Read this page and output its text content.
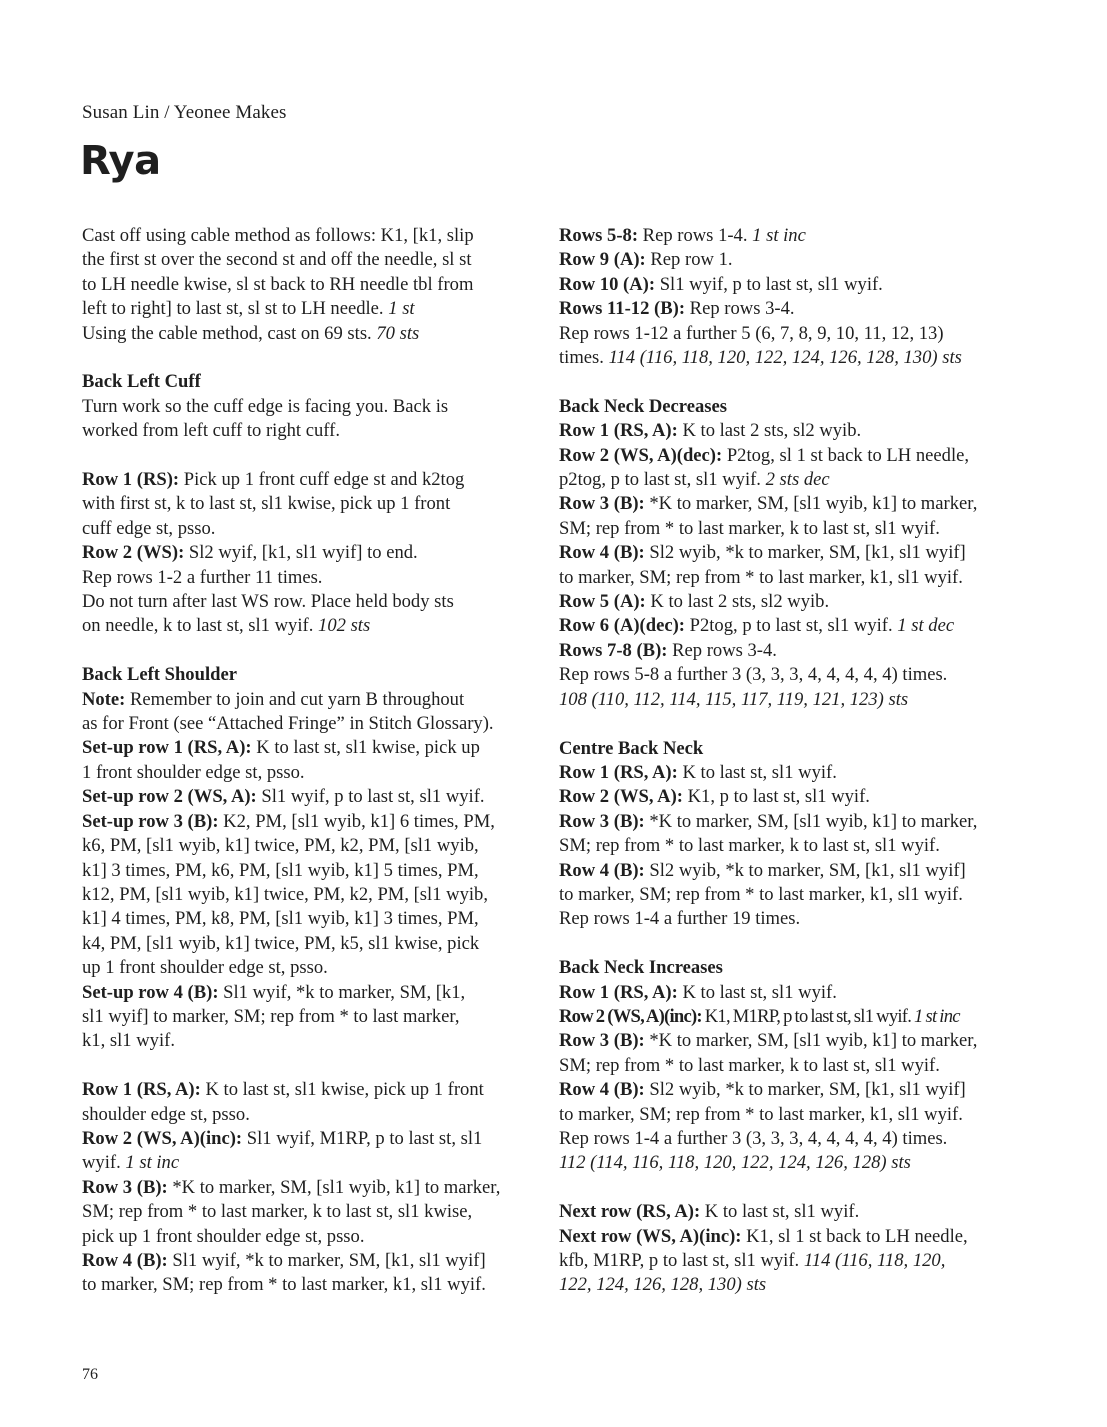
Susan Lin / Yeonee Makes
Rya
Cast off using cable method as follows: K1, [k1, slip
the first st over the second st and off the needle, sl st
to LH needle kwise, sl st back to RH needle tbl from
left to right] to last st, sl st to LH needle. 1 st
Using the cable method, cast on 69 sts. 70 sts
Back Left Cuff
Turn work so the cuff edge is facing you. Back is
worked from left cuff to right cuff.
Row 1 (RS): Pick up 1 front cuff edge st and k2tog
with first st, k to last st, sl1 kwise, pick up 1 front
cuff edge st, psso.
Row 2 (WS): Sl2 wyif, [k1, sl1 wyif] to end.
Rep rows 1-2 a further 11 times.
Do not turn after last WS row. Place held body sts
on needle, k to last st, sl1 wyif. 102 sts
Back Left Shoulder
Note: Remember to join and cut yarn B throughout
as for Front (see “Attached Fringe” in Stitch Glossary).
Set-up row 1 (RS, A): K to last st, sl1 kwise, pick up
1 front shoulder edge st, psso.
Set-up row 2 (WS, A): Sl1 wyif, p to last st, sl1 wyif.
Set-up row 3 (B): K2, PM, [sl1 wyib, k1] 6 times, PM,
k6, PM, [sl1 wyib, k1] twice, PM, k2, PM, [sl1 wyib,
k1] 3 times, PM, k6, PM, [sl1 wyib, k1] 5 times, PM,
k12, PM, [sl1 wyib, k1] twice, PM, k2, PM, [sl1 wyib,
k1] 4 times, PM, k8, PM, [sl1 wyib, k1] 3 times, PM,
k4, PM, [sl1 wyib, k1] twice, PM, k5, sl1 kwise, pick
up 1 front shoulder edge st, psso.
Set-up row 4 (B): Sl1 wyif, *k to marker, SM, [k1,
sl1 wyif] to marker, SM; rep from * to last marker,
k1, sl1 wyif.
Row 1 (RS, A): K to last st, sl1 kwise, pick up 1 front
shoulder edge st, psso.
Row 2 (WS, A)(inc): Sl1 wyif, M1RP, p to last st, sl1
wyif. 1 st inc
Row 3 (B): *K to marker, SM, [sl1 wyib, k1] to marker,
SM; rep from * to last marker, k to last st, sl1 kwise,
pick up 1 front shoulder edge st, psso.
Row 4 (B): Sl1 wyif, *k to marker, SM, [k1, sl1 wyif]
to marker, SM; rep from * to last marker, k1, sl1 wyif.
Rows 5-8: Rep rows 1-4. 1 st inc
Row 9 (A): Rep row 1.
Row 10 (A): Sl1 wyif, p to last st, sl1 wyif.
Rows 11-12 (B): Rep rows 3-4.
Rep rows 1-12 a further 5 (6, 7, 8, 9, 10, 11, 12, 13)
times. 114 (116, 118, 120, 122, 124, 126, 128, 130) sts
Back Neck Decreases
Row 1 (RS, A): K to last 2 sts, sl2 wyib.
Row 2 (WS, A)(dec): P2tog, sl 1 st back to LH needle,
p2tog, p to last st, sl1 wyif. 2 sts dec
Row 3 (B): *K to marker, SM, [sl1 wyib, k1] to marker,
SM; rep from * to last marker, k to last st, sl1 wyif.
Row 4 (B): Sl2 wyib, *k to marker, SM, [k1, sl1 wyif]
to marker, SM; rep from * to last marker, k1, sl1 wyif.
Row 5 (A): K to last 2 sts, sl2 wyib.
Row 6 (A)(dec): P2tog, p to last st, sl1 wyif. 1 st dec
Rows 7-8 (B): Rep rows 3-4.
Rep rows 5-8 a further 3 (3, 3, 3, 4, 4, 4, 4, 4) times.
108 (110, 112, 114, 115, 117, 119, 121, 123) sts
Centre Back Neck
Row 1 (RS, A): K to last st, sl1 wyif.
Row 2 (WS, A): K1, p to last st, sl1 wyif.
Row 3 (B): *K to marker, SM, [sl1 wyib, k1] to marker,
SM; rep from * to last marker, k to last st, sl1 wyif.
Row 4 (B): Sl2 wyib, *k to marker, SM, [k1, sl1 wyif]
to marker, SM; rep from * to last marker, k1, sl1 wyif.
Rep rows 1-4 a further 19 times.
Back Neck Increases
Row 1 (RS, A): K to last st, sl1 wyif.
Row 2 (WS, A)(inc): K1, M1RP, p to last st, sl1 wyif. 1 st inc
Row 3 (B): *K to marker, SM, [sl1 wyib, k1] to marker,
SM; rep from * to last marker, k to last st, sl1 wyif.
Row 4 (B): Sl2 wyib, *k to marker, SM, [k1, sl1 wyif]
to marker, SM; rep from * to last marker, k1, sl1 wyif.
Rep rows 1-4 a further 3 (3, 3, 3, 4, 4, 4, 4, 4) times.
112 (114, 116, 118, 120, 122, 124, 126, 128) sts
Next row (RS, A): K to last st, sl1 wyif.
Next row (WS, A)(inc): K1, sl 1 st back to LH needle,
kfb, M1RP, p to last st, sl1 wyif. 114 (116, 118, 120,
122, 124, 126, 128, 130) sts
76
